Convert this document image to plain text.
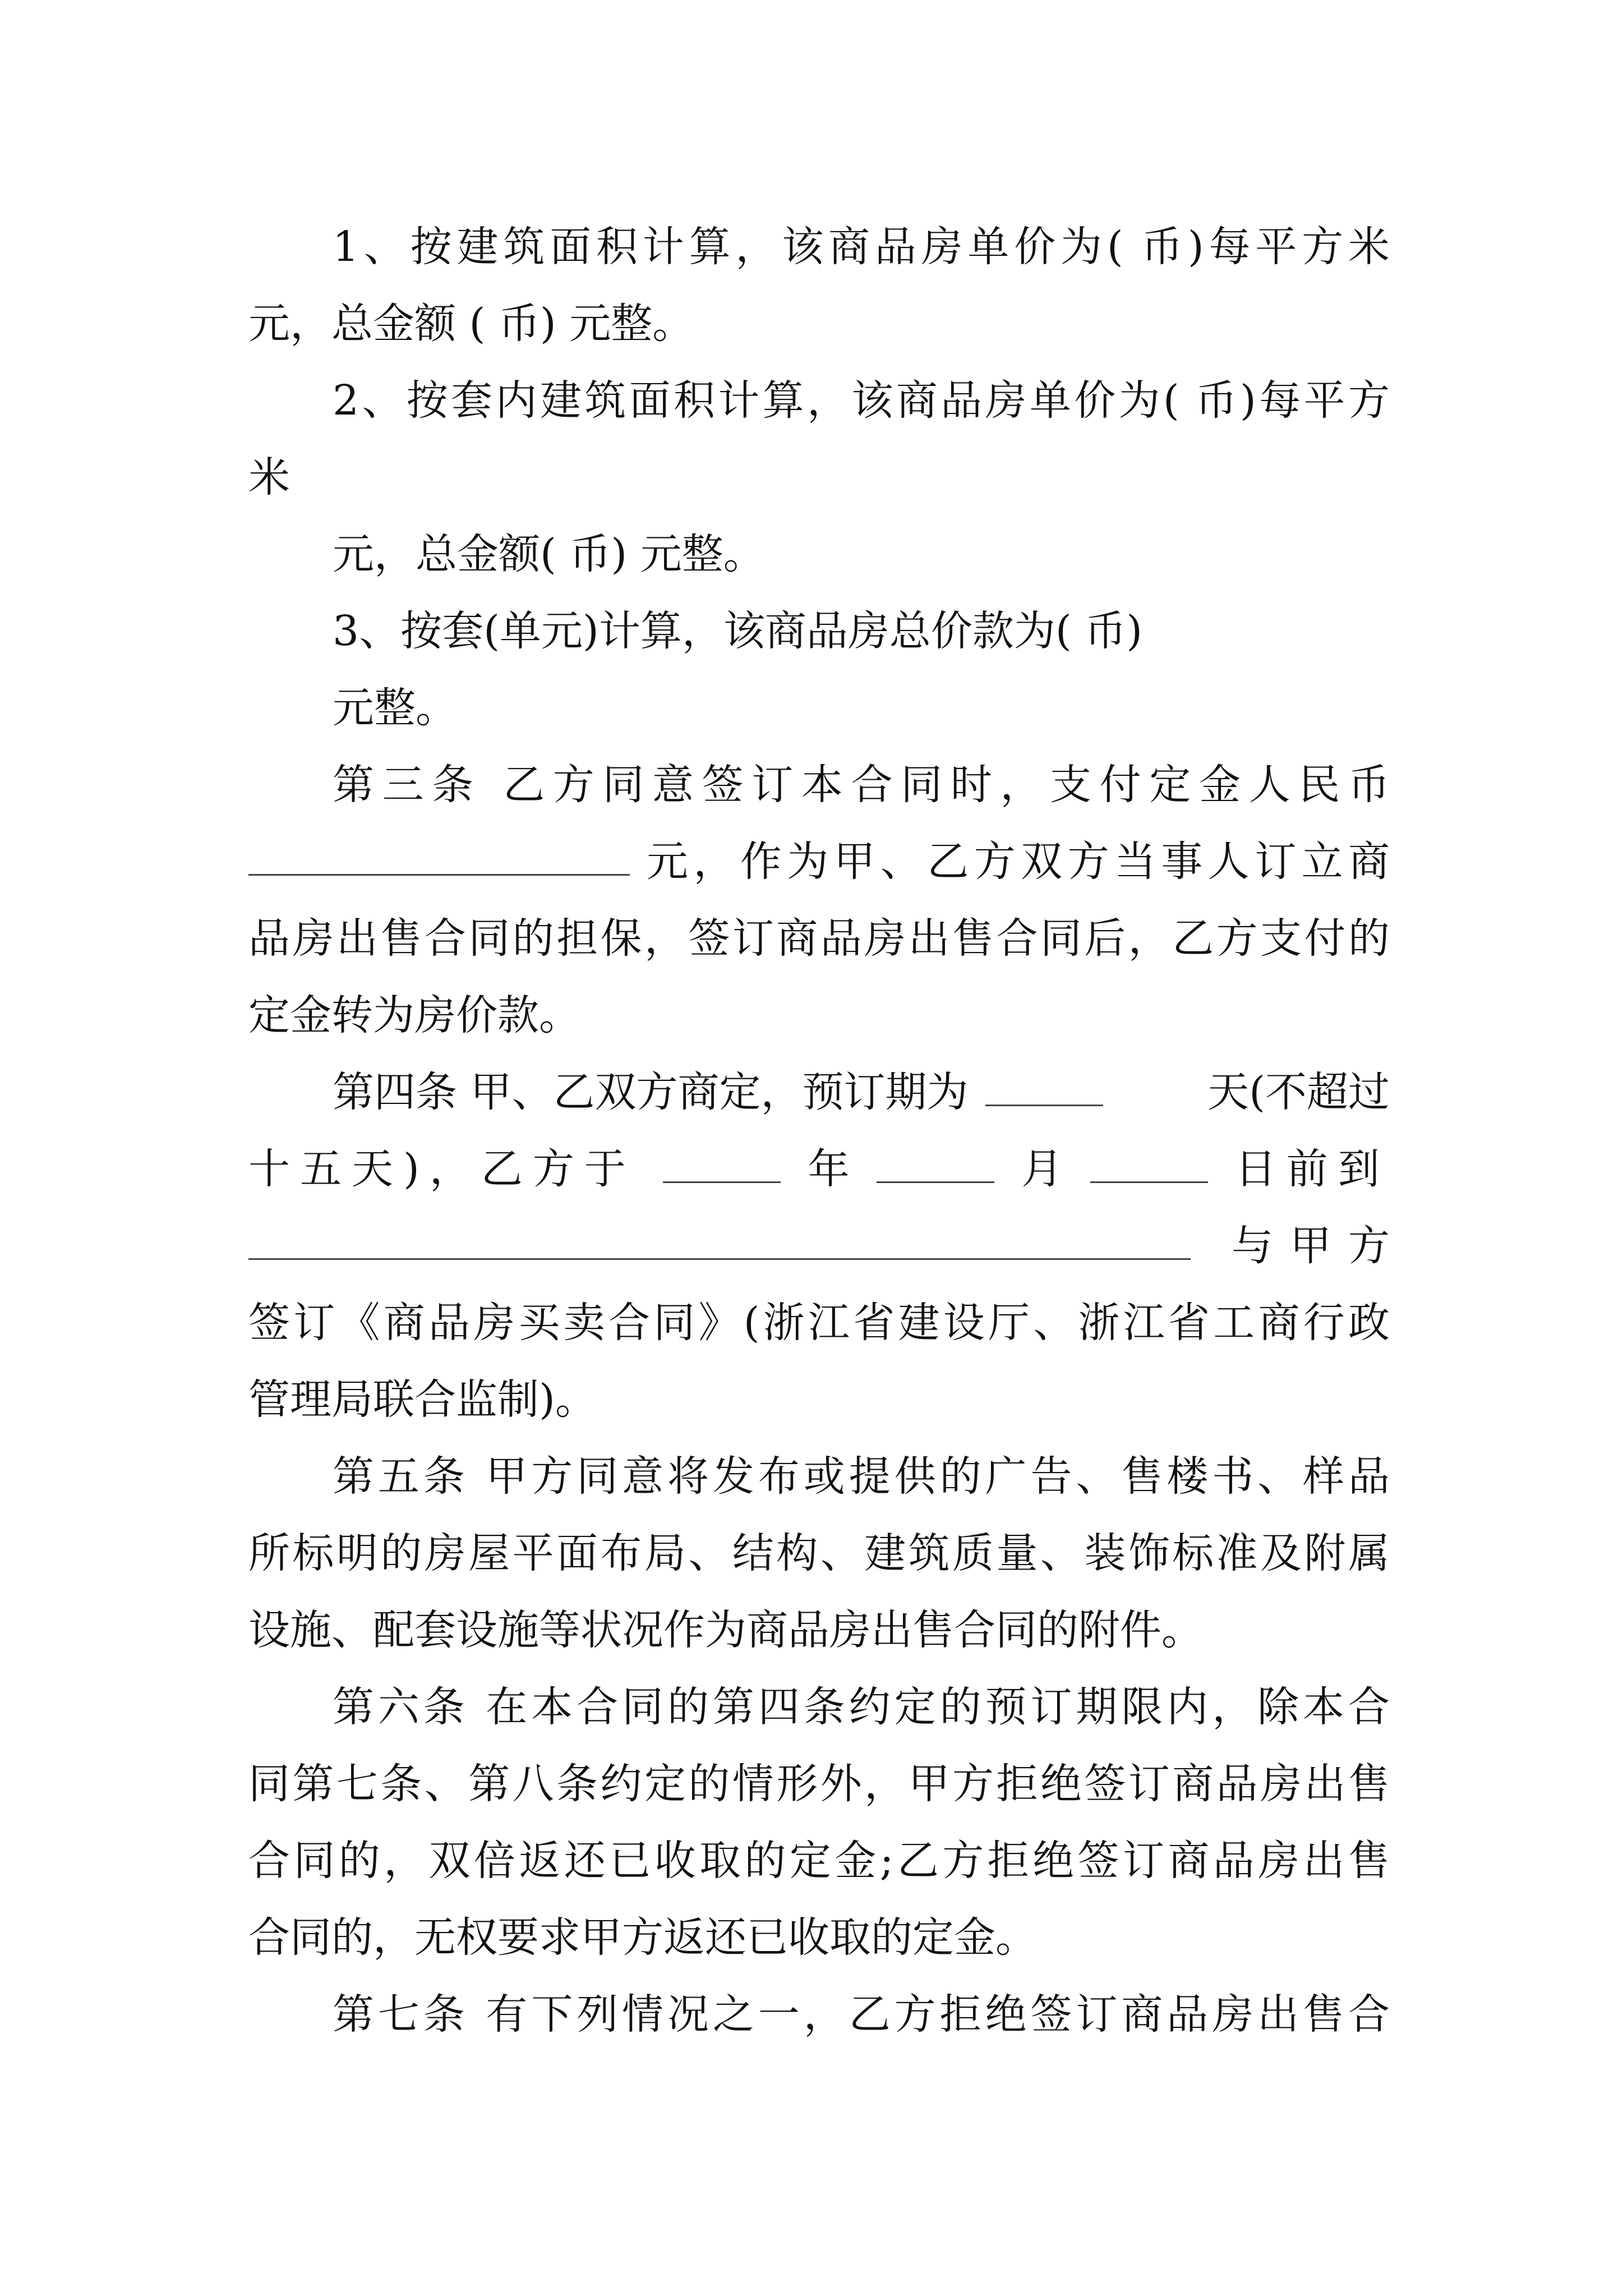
1、按建筑面积计算，该商品房单价为( 币)每平方米
元，总金额 ( 币) 元整。
2、按套内建筑面积计算，该商品房单价为( 币)每平方
米
元，总金额( 币) 元整。
3、按套(单元)计算，该商品房总价款为( 币)
元整。
第三条 乙方同意签订本合同时，支付定金人民币
元，作为甲、乙方双方当事人订立商
品房出售合同的担保，签订商品房出售合同后，乙方支付的
定金转为房价款。
第四条 甲、乙双方商定，预订期为	天(不超过
十五天)，乙方于	年	月	日前到
与甲方
签订《商品房买卖合同》(浙江省建设厅、浙江省工商行政
管理局联合监制)。
第五条 甲方同意将发布或提供的广告、售楼书、样品
所标明的房屋平面布局、结构、建筑质量、装饰标准及附属
设施、配套设施等状况作为商品房出售合同的附件。
第六条 在本合同的第四条约定的预订期限内，除本合
同第七条、第八条约定的情形外，甲方拒绝签订商品房出售
合同的，双倍返还已收取的定金;乙方拒绝签订商品房出售
合同的，无权要求甲方返还已收取的定金。
第七条 有下列情况之一，乙方拒绝签订商品房出售合
